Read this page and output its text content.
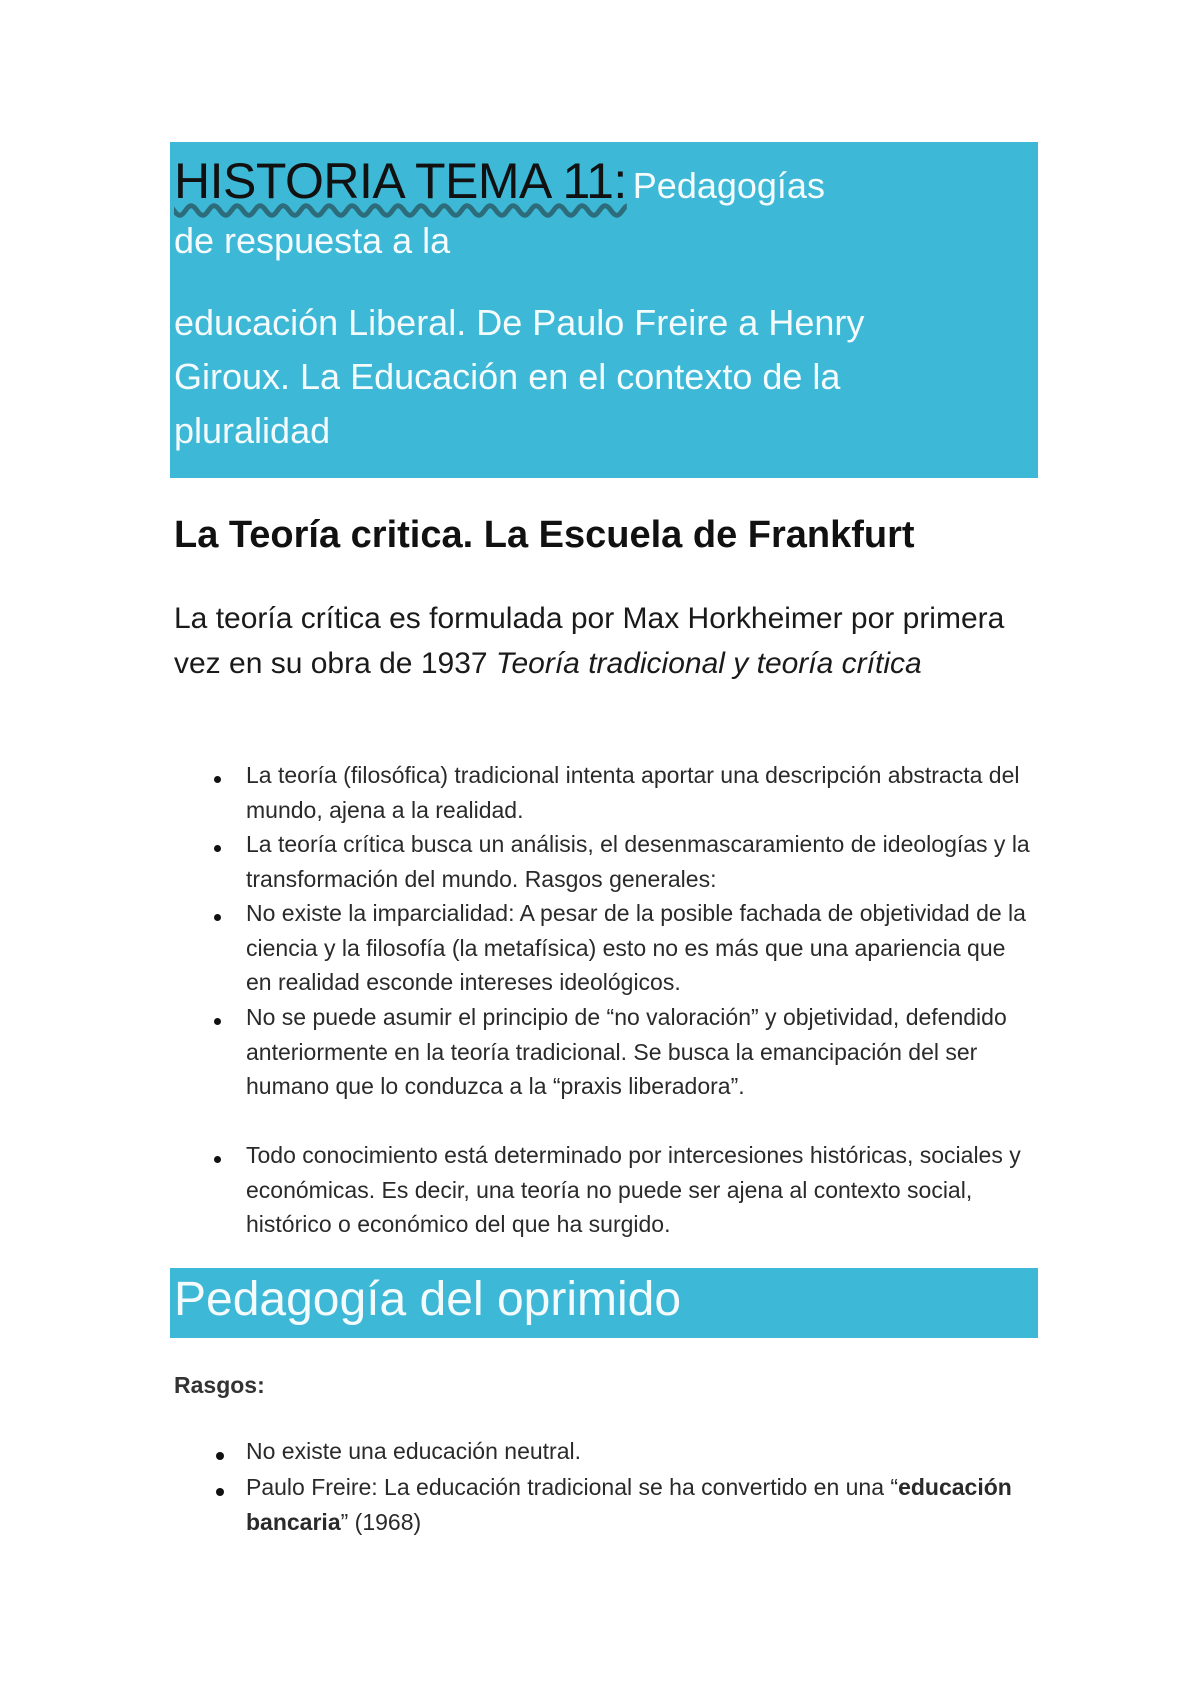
HISTORIA TEMA 11: Pedagogías
de respuesta a la
educación Liberal. De Paulo Freire a Henry
Giroux. La Educación en el contexto de la
pluralidad
La Teoría critica. La Escuela de Frankfurt
La teoría crítica es formulada por Max Horkheimer por primera vez en su obra de 1937 Teoría tradicional y teoría crítica
La teoría (filosófica) tradicional intenta aportar una descripción abstracta del mundo, ajena a la realidad.
La teoría crítica busca un análisis, el desenmascaramiento de ideologías y la transformación del mundo. Rasgos generales:
No existe la imparcialidad: A pesar de la posible fachada de objetividad de la ciencia y la filosofía (la metafísica) esto no es más que una apariencia que en realidad esconde intereses ideológicos.
No se puede asumir el principio de “no valoración” y objetividad, defendido anteriormente en la teoría tradicional. Se busca la emancipación del ser humano que lo conduzca a la “praxis liberadora”.
Todo conocimiento está determinado por intercesiones históricas, sociales y económicas. Es decir, una teoría no puede ser ajena al contexto social, histórico o económico del que ha surgido.
Pedagogía del oprimido
Rasgos:
No existe una educación neutral.
Paulo Freire: La educación tradicional se ha convertido en una “educación bancaria” (1968)
